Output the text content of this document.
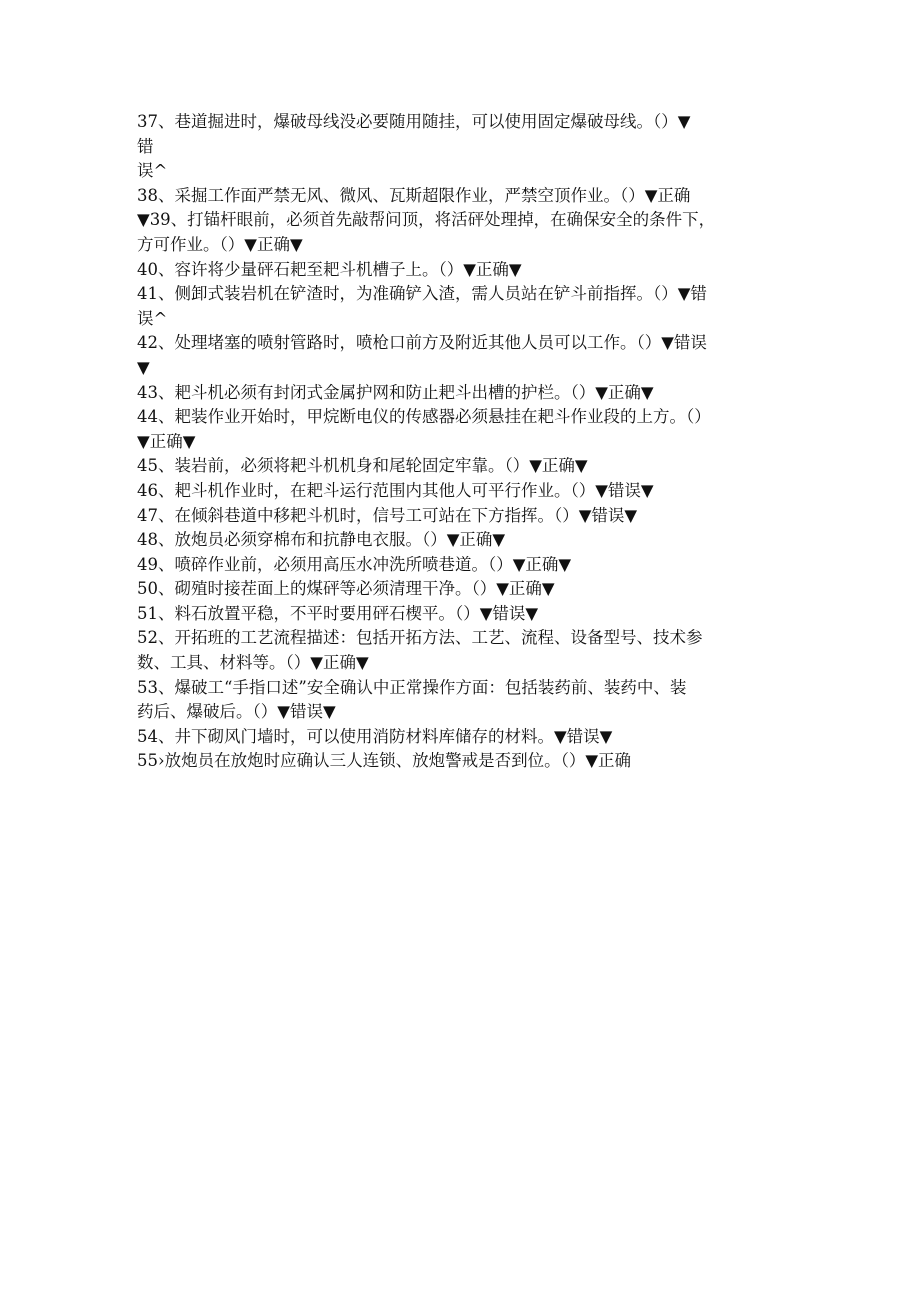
37、巷道掘进时，爆破母线没必要随用随挂，可以使用固定爆破母线。（）▼
错
误^
38、采掘工作面严禁无风、微风、瓦斯超限作业，严禁空顶作业。（）▼正确
▼39、打锚杆眼前，必须首先敲帮问顶，将活砰处理掉，在确保安全的条件下，
方可作业。（）▼正确▼
40、容许将少量砰石耙至耙斗机槽子上。（）▼正确▼
41、侧卸式装岩机在铲渣时，为准确铲入渣，需人员站在铲斗前指挥。（）▼错
误^
42、处理堵塞的喷射管路时，喷枪口前方及附近其他人员可以工作。（）▼错误
▼
43、耙斗机必须有封闭式金属护网和防止耙斗出槽的护栏。（）▼正确▼
44、耙装作业开始时，甲烷断电仪的传感器必须悬挂在耙斗作业段的上方。（）
▼正确▼
45、装岩前，必须将耙斗机机身和尾轮固定牢靠。（）▼正确▼
46、耙斗机作业时，在耙斗运行范围内其他人可平行作业。（）▼错误▼
47、在倾斜巷道中移耙斗机时，信号工可站在下方指挥。（）▼错误▼
48、放炮员必须穿棉布和抗静电衣服。（）▼正确▼
49、喷碎作业前，必须用高压水冲洗所喷巷道。（）▼正确▼
50、砌殖时接茬面上的煤砰等必须清理干净。（）▼正确▼
51、料石放置平稳，不平时要用砰石楔平。（）▼错误▼
52、开拓班的工艺流程描述：包括开拓方法、工艺、流程、设备型号、技术参
数、工具、材料等。（）▼正确▼
53、爆破工“手指口述”安全确认中正常操作方面：包括装药前、装药中、装
药后、爆破后。（）▼错误▼
54、井下砌风门墙时，可以使用消防材料库储存的材料。▼错误▼
55›放炮员在放炮时应确认三人连锁、放炮警戒是否到位。（）▼正确
